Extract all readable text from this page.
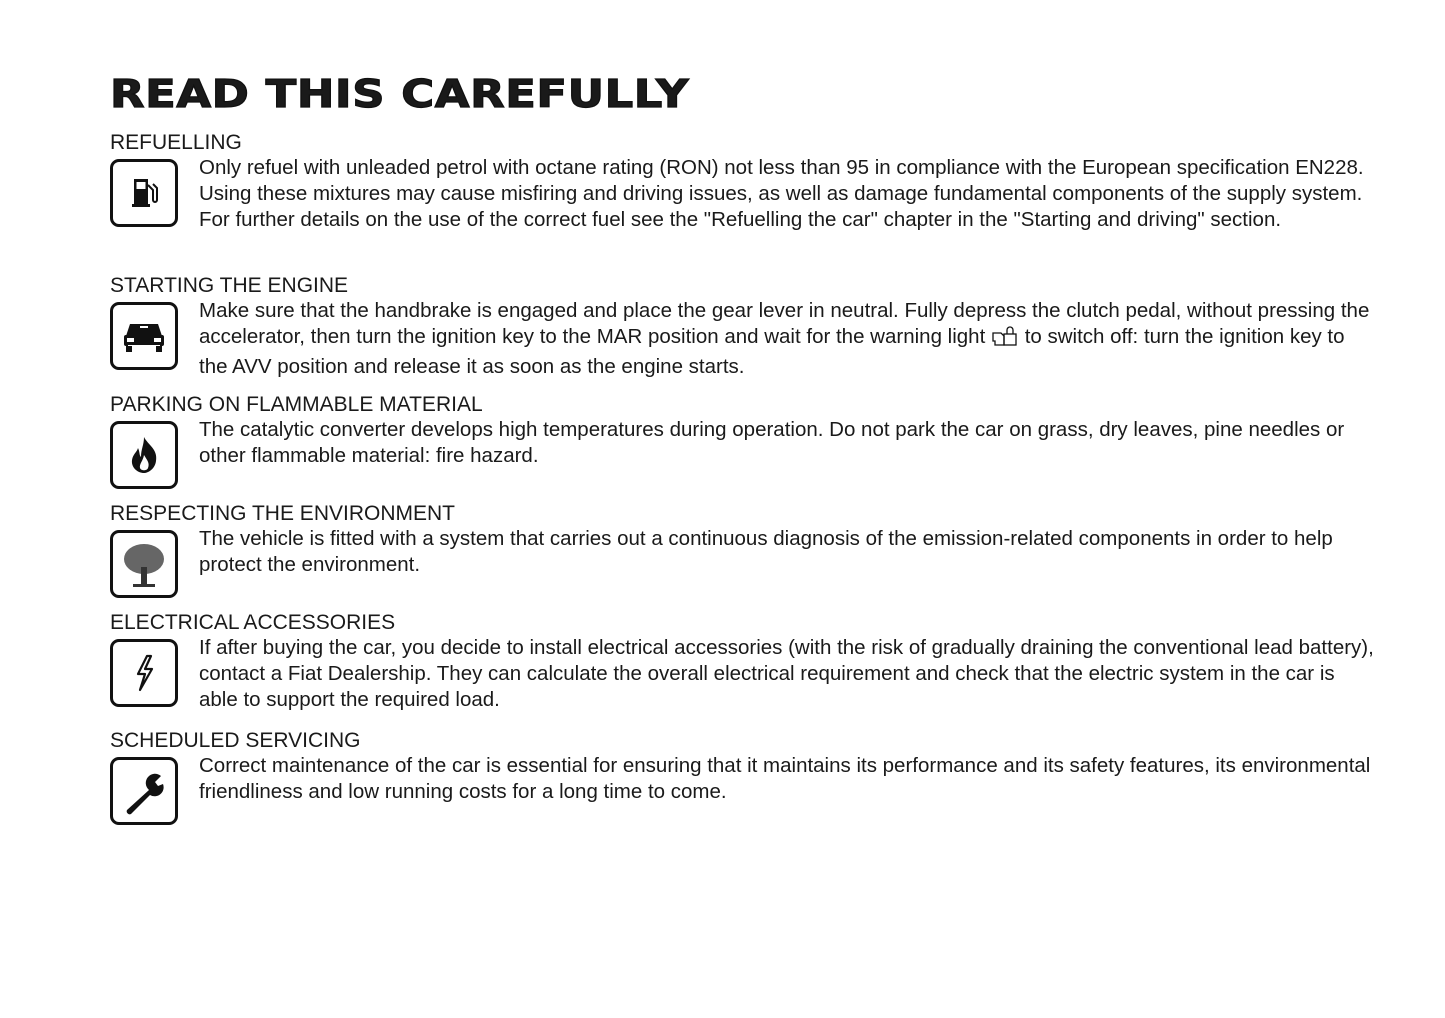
READ THIS CAREFULLY
REFUELLING

Only refuel with unleaded petrol with octane rating (RON) not less than 95 in compliance with the European specification EN228. Using these mixtures may cause misfiring and driving issues, as well as damage fundamental components of the supply system.

For further details on the use of the correct fuel see the "Refuelling the car" chapter in the "Starting and driving" section.

STARTING THE ENGINE

Make sure that the handbrake is engaged and place the gear lever in neutral. Fully depress the clutch pedal, without pressing the accelerator, then turn the ignition key to the MAR position and wait for the warning light to switch off: turn the ignition key to the AVV position and release it as soon as the engine starts.

PARKING ON FLAMMABLE MATERIAL

The catalytic converter develops high temperatures during operation. Do not park the car on grass, dry leaves, pine needles or other flammable material: fire hazard.

RESPECTING THE ENVIRONMENT

The vehicle is fitted with a system that carries out a continuous diagnosis of the emission-related components in order to help protect the environment.

ELECTRICAL ACCESSORIES

If after buying the car, you decide to install electrical accessories (with the risk of gradually draining the conventional lead battery), contact a Fiat Dealership. They can calculate the overall electrical requirement and check that the electric system in the car is able to support the required load.

SCHEDULED SERVICING

Correct maintenance of the car is essential for ensuring that it maintains its performance and its safety features, its environmental friendliness and low running costs for a long time to come.
